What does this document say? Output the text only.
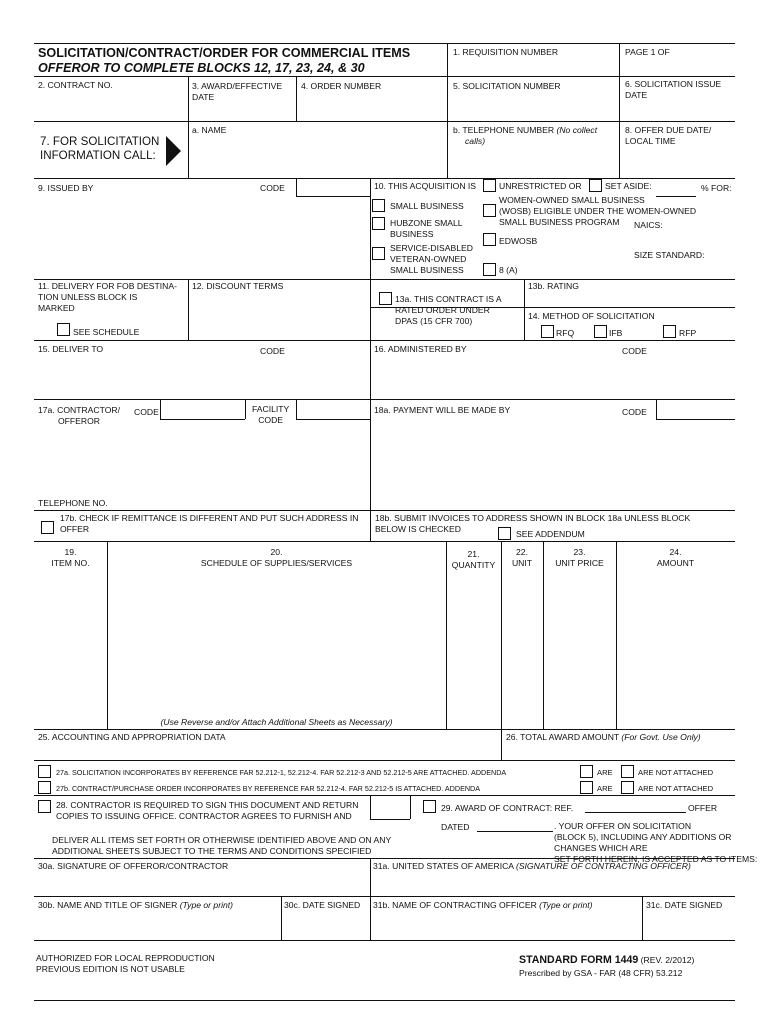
SOLICITATION/CONTRACT/ORDER FOR COMMERCIAL ITEMS
OFFEROR TO COMPLETE BLOCKS 12, 17, 23, 24, & 30
1. REQUISITION NUMBER	PAGE 1 OF
2. CONTRACT NO.	3. AWARD/EFFECTIVE
DATE
4. ORDER NUMBER	5. SOLICITATION NUMBER	6. SOLICITATION ISSUE
DATE
7. FOR SOLICITATION
INFORMATION CALL:
a. NAME	b. TELEPHONE NUMBER (No collect
calls)
8. OFFER DUE DATE/
LOCAL TIME
9. ISSUED BY	CODE	10. THIS ACQUISITION IS	UNRESTRICTED OR	SET ASIDE:	% FOR:
SMALL BUSINESS
WOMEN-OWNED SMALL BUSINESS
(WOSB) ELIGIBLE UNDER THE WOMEN-OWNED
SMALL BUSINESS PROGRAM	NAICS:
HUBZONE SMALL
BUSINESS
EDWOSB
SERVICE-DISABLED
VETERAN-OWNED
SMALL BUSINESS	8 (A)
SIZE STANDARD:
11. DELIVERY FOR FOB DESTINA-
TION UNLESS BLOCK IS
MARKED
SEE SCHEDULE
12. DISCOUNT TERMS
13a. THIS CONTRACT IS A
RATED ORDER UNDER
DPAS (15 CFR 700)
13b. RATING
14. METHOD OF SOLICITATION
RFQ	IFB	RFP
15. DELIVER TO	CODE	16. ADMINISTERED BY	CODE
17a. CONTRACTOR/
OFFEROR
CODE	FACILITY
CODE
18a. PAYMENT WILL BE MADE BY	CODE
TELEPHONE NO.
17b. CHECK IF REMITTANCE IS DIFFERENT AND PUT SUCH ADDRESS IN
OFFER
18b. SUBMIT INVOICES TO ADDRESS SHOWN IN BLOCK 18a UNLESS BLOCK
BELOW IS CHECKED	SEE ADDENDUM
19.
ITEM NO.
20.
SCHEDULE OF SUPPLIES/SERVICES
21.
QUANTITY
22.
UNIT
23.
UNIT PRICE
24.
AMOUNT
(Use Reverse and/or Attach Additional Sheets as Necessary)
25. ACCOUNTING AND APPROPRIATION DATA	26. TOTAL AWARD AMOUNT (For Govt. Use Only)
27a. SOLICITATION INCORPORATES BY REFERENCE FAR 52.212-1, 52.212-4. FAR 52.212-3 AND 52.212-5 ARE ATTACHED. ADDENDA	ARE	ARE NOT ATTACHED
27b. CONTRACT/PURCHASE ORDER INCORPORATES BY REFERENCE FAR 52.212-4. FAR 52.212-5 IS ATTACHED. ADDENDA	ARE	ARE NOT ATTACHED
28. CONTRACTOR IS REQUIRED TO SIGN THIS DOCUMENT AND RETURN
COPIES TO ISSUING OFFICE. CONTRACTOR AGREES TO FURNISH AND
DELIVER ALL ITEMS SET FORTH OR OTHERWISE IDENTIFIED ABOVE AND ON ANY
ADDITIONAL SHEETS SUBJECT TO THE TERMS AND CONDITIONS SPECIFIED
29. AWARD OF CONTRACT: REF.	OFFER
DATED	. YOUR OFFER ON SOLICITATION
(BLOCK 5), INCLUDING ANY ADDITIONS OR CHANGES WHICH ARE
SET FORTH HEREIN, IS ACCEPTED AS TO ITEMS:
30a. SIGNATURE OF OFFEROR/CONTRACTOR	31a. UNITED STATES OF AMERICA (SIGNATURE OF CONTRACTING OFFICER)
30b. NAME AND TITLE OF SIGNER (Type or print)	30c. DATE SIGNED 31b. NAME OF CONTRACTING OFFICER (Type or print)	31c. DATE SIGNED
AUTHORIZED FOR LOCAL REPRODUCTION
PREVIOUS EDITION IS NOT USABLE
STANDARD FORM 1449 (REV. 2/2012)
Prescribed by GSA - FAR (48 CFR) 53.212
